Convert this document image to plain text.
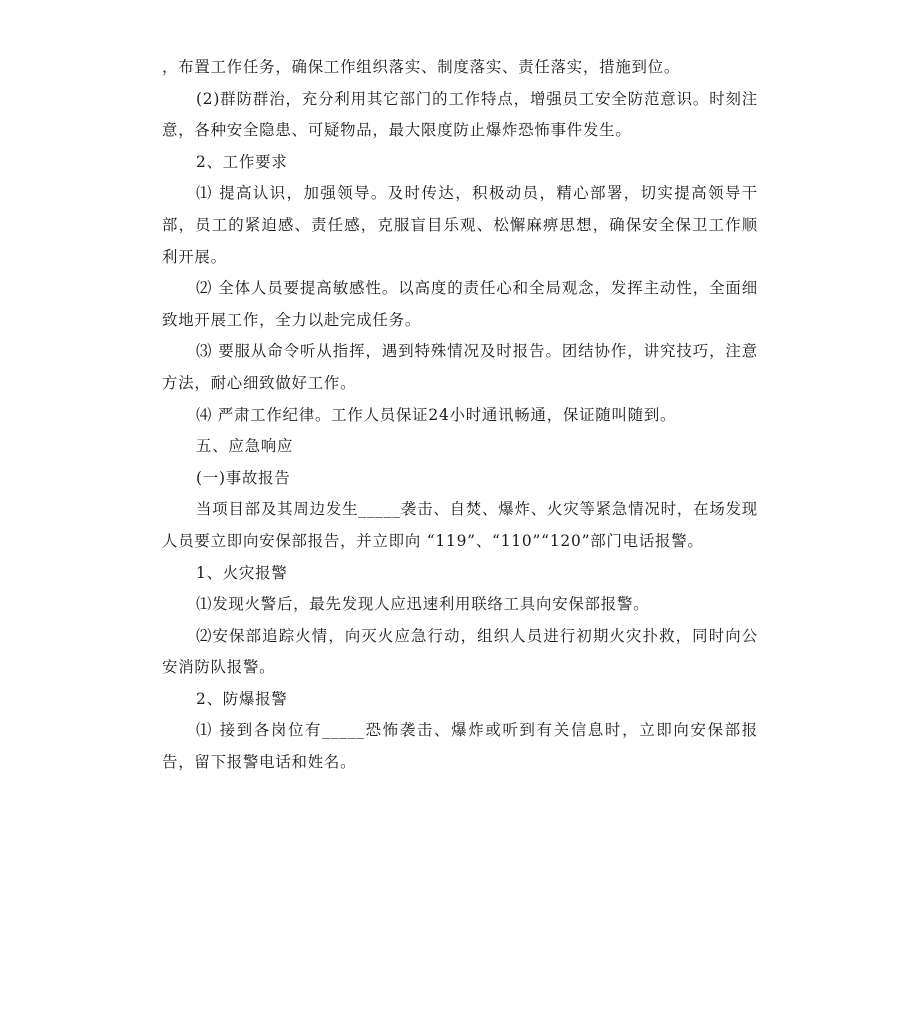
，布置工作任务，确保工作组织落实、制度落实、责任落实，措施到位。

(2)群防群治，充分利用其它部门的工作特点，增强员工安全防范意识。时刻注意，各种安全隐患、可疑物品，最大限度防止爆炸恐怖事件发生。

2、工作要求

⑴ 提高认识，加强领导。及时传达，积极动员，精心部署，切实提高领导干部，员工的紧迫感、责任感，克服盲目乐观、松懈麻痹思想，确保安全保卫工作顺利开展。

⑵ 全体人员要提高敏感性。以高度的责任心和全局观念，发挥主动性，全面细致地开展工作，全力以赴完成任务。

⑶ 要服从命令听从指挥，遇到特殊情况及时报告。团结协作，讲究技巧，注意方法，耐心细致做好工作。

⑷ 严肃工作纪律。工作人员保证24小时通讯畅通，保证随叫随到。

五、应急响应

(一)事故报告

当项目部及其周边发生_____袭击、自焚、爆炸、火灾等紧急情况时，在场发现人员要立即向安保部报告，并立即向 “119”、“110”“120”部门电话报警。

1、火灾报警

⑴发现火警后，最先发现人应迅速利用联络工具向安保部报警。

⑵安保部追踪火情，向灭火应急行动，组织人员进行初期火灾扑救，同时向公安消防队报警。

2、防爆报警

⑴ 接到各岗位有_____恐怖袭击、爆炸或听到有关信息时，立即向安保部报告，留下报警电话和姓名。
